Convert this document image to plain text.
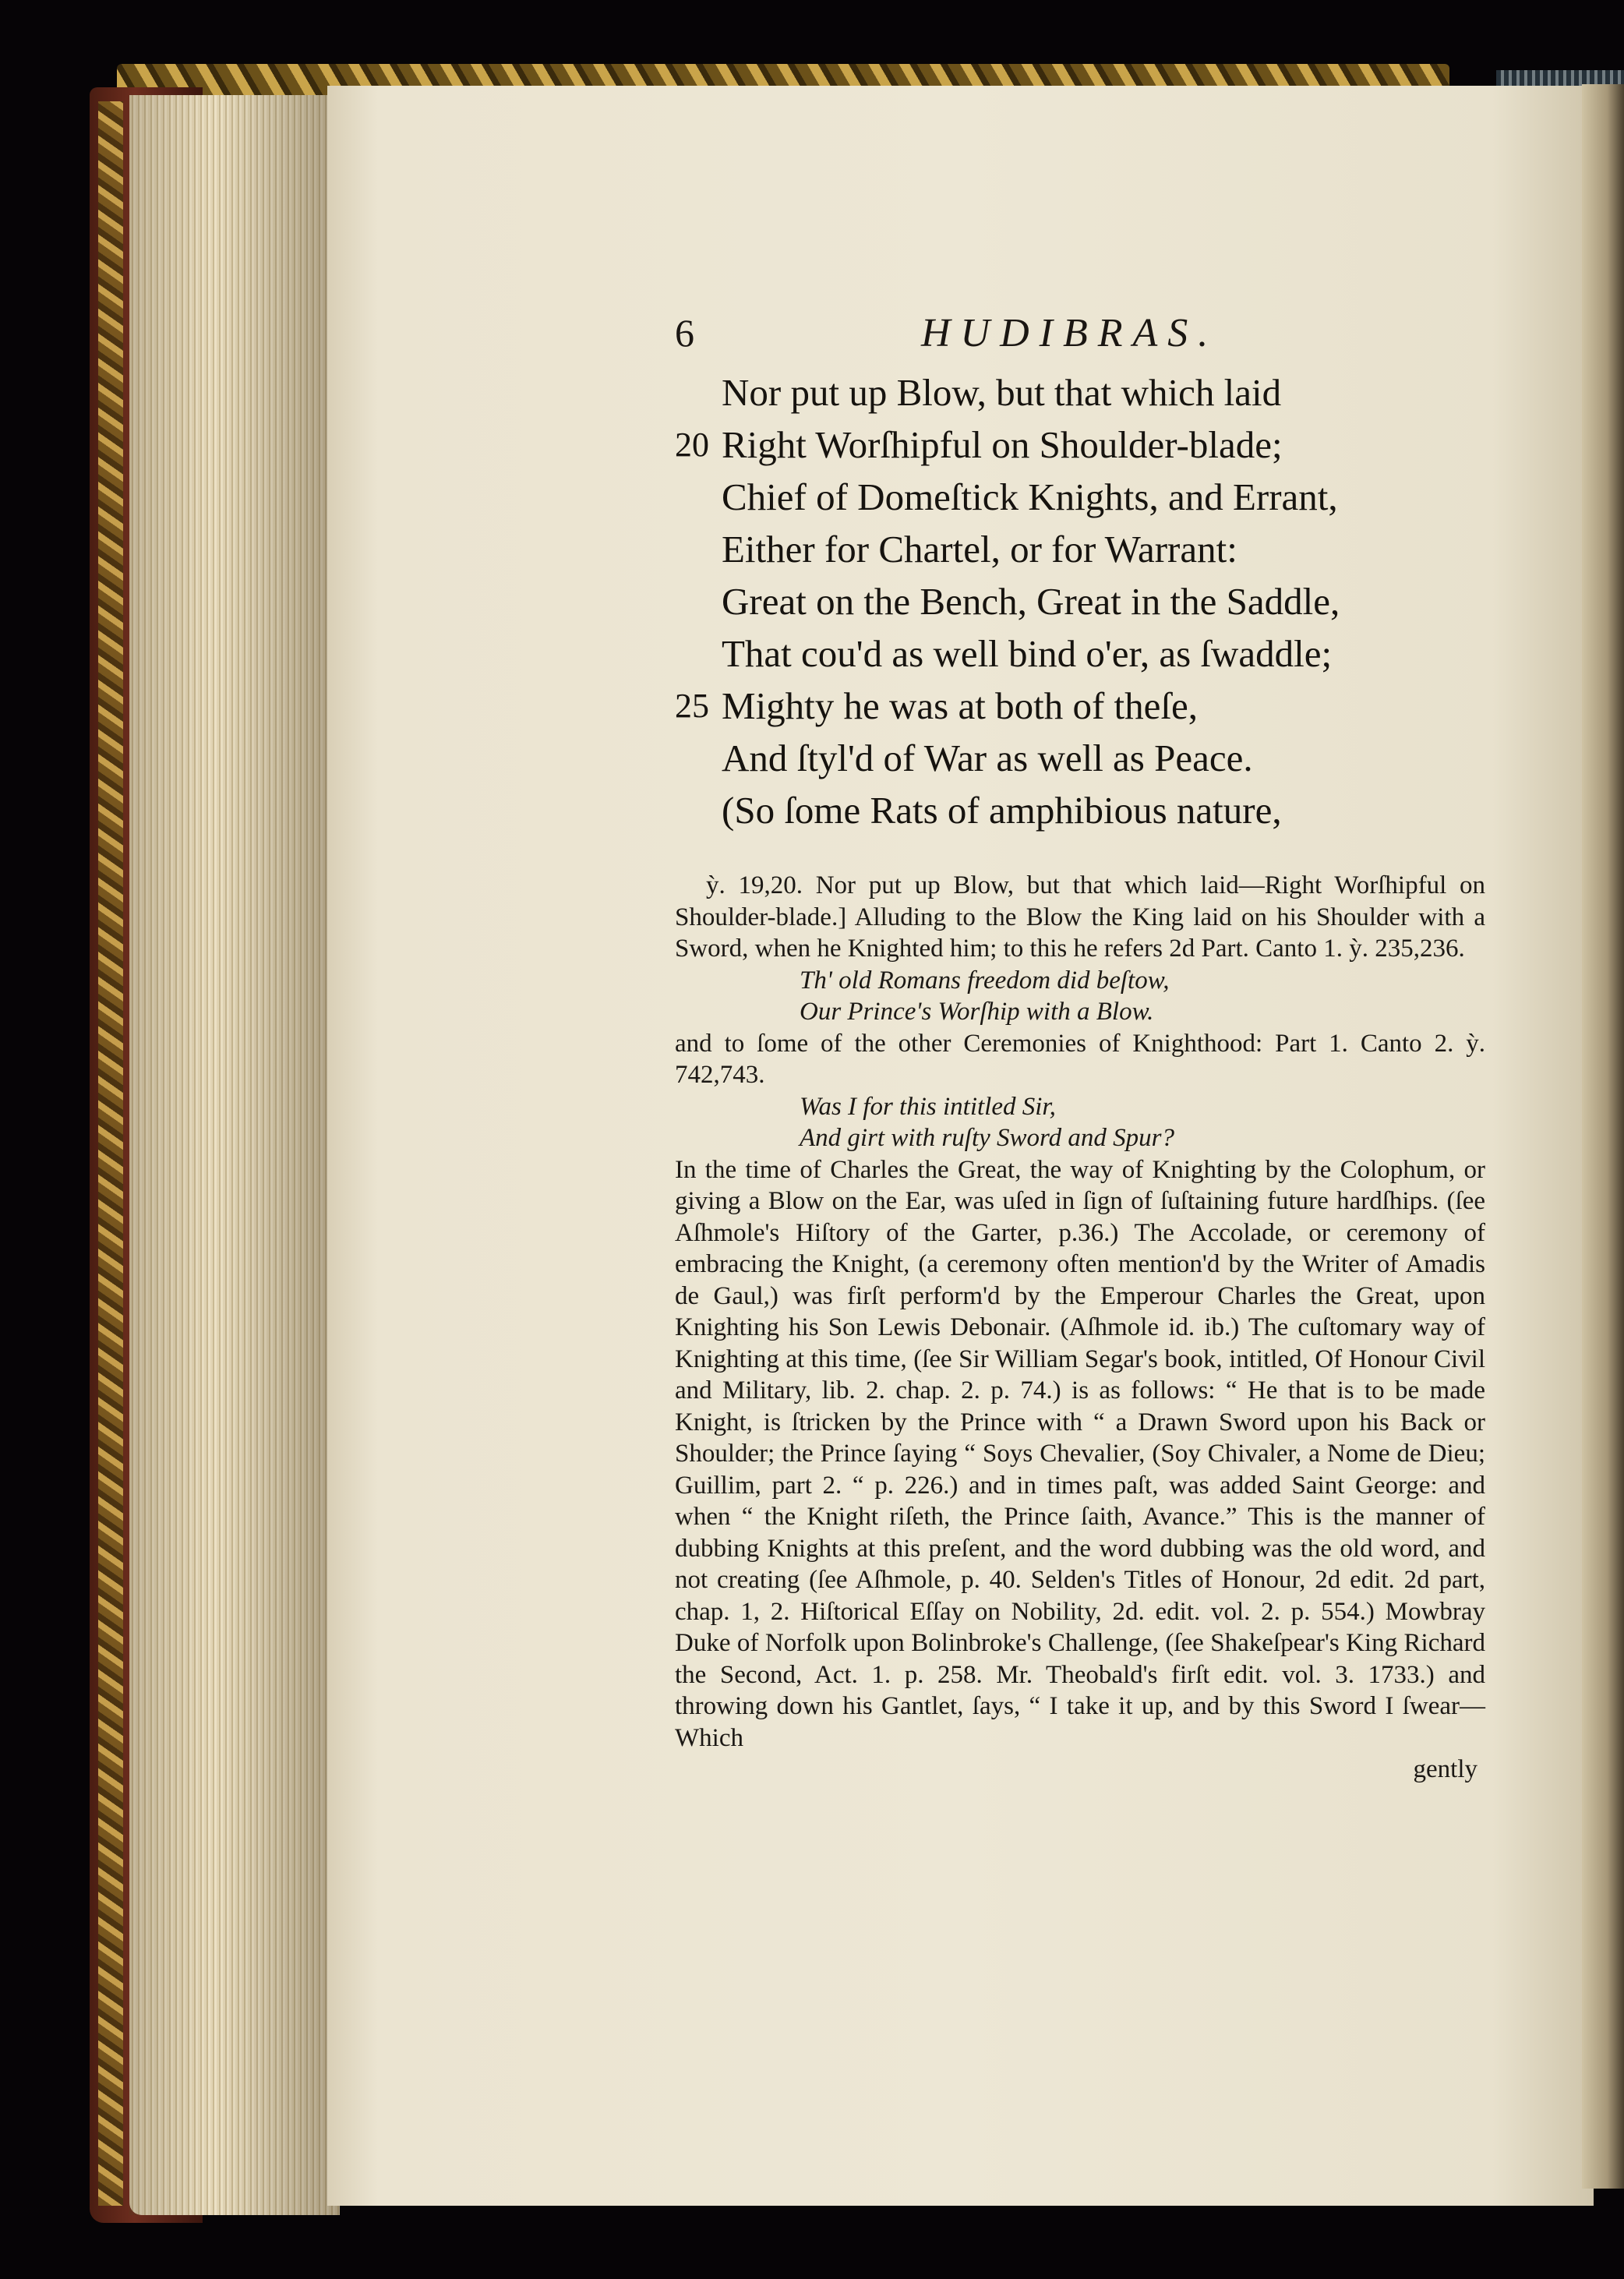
6	HUDIBRAS.
Nor put up Blow, but that which laid
20 Right Worſhipful on Shoulder-blade;
Chief of Domeſtick Knights, and Errant,
Either for Chartel, or for Warrant:
Great on the Bench, Great in the Saddle,
That cou'd as well bind o'er, as ſwaddle;
25 Mighty he was at both of theſe,
And ſtyl'd of War as well as Peace.
(So ſome Rats of amphibious nature,

ỳ. 19,20. Nor put up Blow, but that which laid—Right Worſhipful on Shoulder-blade.] Alluding to the Blow the King laid on his Shoulder with a Sword, when he Knighted him; to this he refers 2d Part. Canto 1. ỳ. 235,236.

Th' old Romans freedom did beſtow,

Our Prince's Worſhip with a Blow.

and to ſome of the other Ceremonies of Knighthood: Part 1. Canto 2. ỳ. 742,743.

Was I for this intitled Sir,

And girt with ruſty Sword and Spur?

In the time of Charles the Great, the way of Knighting by the Colophum, or giving a Blow on the Ear, was uſed in ſign of ſuſtaining future hardſhips. (ſee Aſhmole's Hiſtory of the Garter, p.36.) The Accolade, or ceremony of embracing the Knight, (a ceremony often mention'd by the Writer of Amadis de Gaul,) was firſt perform'd by the Emperour Charles the Great, upon Knighting his Son Lewis Debonair. (Aſhmole id. ib.) The cuſtomary way of Knighting at this time, (ſee Sir William Segar's book, intitled, Of Honour Civil and Military, lib. 2. chap. 2. p. 74.) is as follows: “ He that is to be made Knight, is ſtricken by the Prince with “ a Drawn Sword upon his Back or Shoulder; the Prince ſaying “ Soys Chevalier, (Soy Chivaler, a Nome de Dieu; Guillim, part 2. “ p. 226.) and in times paſt, was added Saint George: and when “ the Knight riſeth, the Prince ſaith, Avance.” This is the manner of dubbing Knights at this preſent, and the word dubbing was the old word, and not creating (ſee Aſhmole, p. 40. Selden's Titles of Honour, 2d edit. 2d part, chap. 1, 2. Hiſtorical Eſſay on Nobility, 2d. edit. vol. 2. p. 554.) Mowbray Duke of Norfolk upon Bolinbroke's Challenge, (ſee Shakeſpear's King Richard the Second, Act. 1. p. 258. Mr. Theobald's firſt edit. vol. 3. 1733.) and throwing down his Gantlet, ſays, “ I take it up, and by this Sword I ſwear—Which

gently
